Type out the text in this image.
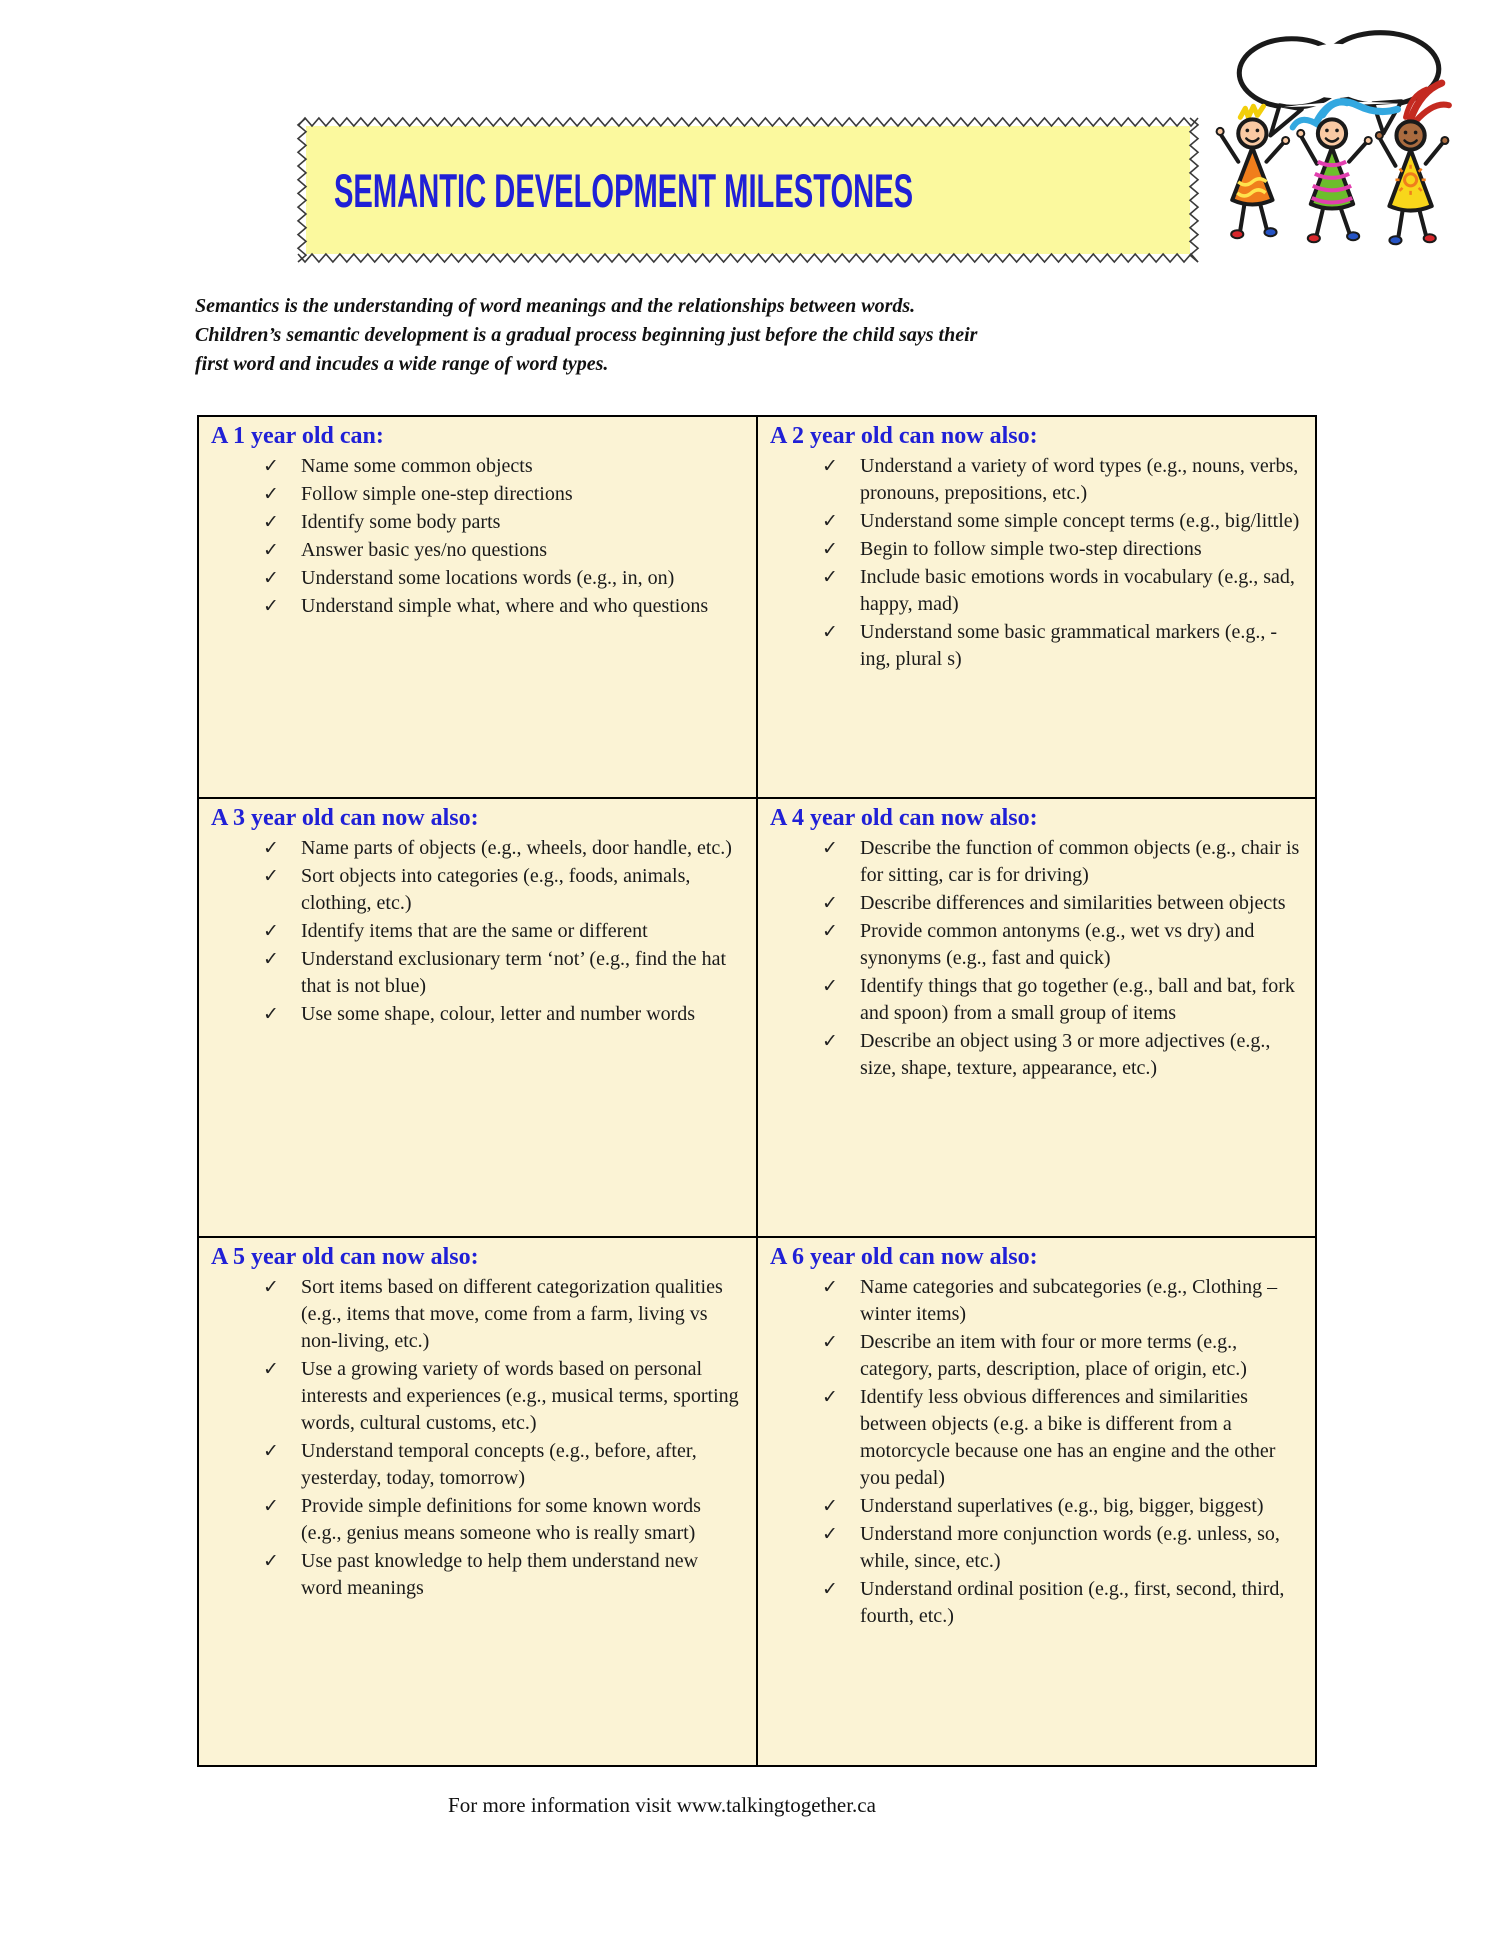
SEMANTIC DEVELOPMENT MILESTONES
Semantics is the understanding of word meanings and the relationships between words.
Children’s semantic development is a gradual process beginning just before the child says their
first word and incudes a wide range of word types.
A 1 year old can:
✓ Name some common objects
✓ Follow simple one-step directions
✓ Identify some body parts
✓ Answer basic yes/no questions
✓ Understand some locations words (e.g., in, on)
✓ Understand simple what, where and who questions

A 2 year old can now also:
✓ Understand a variety of word types (e.g., nouns, verbs, pronouns, prepositions, etc.)
✓ Understand some simple concept terms (e.g., big/little)
✓ Begin to follow simple two-step directions
✓ Include basic emotions words in vocabulary (e.g., sad, happy, mad)
✓ Understand some basic grammatical markers (e.g., -ing, plural s)

A 3 year old can now also:
✓ Name parts of objects (e.g., wheels, door handle, etc.)
✓ Sort objects into categories (e.g., foods, animals, clothing, etc.)
✓ Identify items that are the same or different
✓ Understand exclusionary term ‘not’ (e.g., find the hat that is not blue)
✓ Use some shape, colour, letter and number words

A 4 year old can now also:
✓ Describe the function of common objects (e.g., chair is for sitting, car is for driving)
✓ Describe differences and similarities between objects
✓ Provide common antonyms (e.g., wet vs dry) and synonyms (e.g., fast and quick)
✓ Identify things that go together (e.g., ball and bat, fork and spoon) from a small group of items
✓ Describe an object using 3 or more adjectives (e.g., size, shape, texture, appearance, etc.)

A 5 year old can now also:
✓ Sort items based on different categorization qualities (e.g., items that move, come from a farm, living vs non-living, etc.)
✓ Use a growing variety of words based on personal interests and experiences (e.g., musical terms, sporting words, cultural customs, etc.)
✓ Understand temporal concepts (e.g., before, after, yesterday, today, tomorrow)
✓ Provide simple definitions for some known words (e.g., genius means someone who is really smart)
✓ Use past knowledge to help them understand new word meanings

A 6 year old can now also:
✓ Name categories and subcategories (e.g., Clothing – winter items)
✓ Describe an item with four or more terms (e.g., category, parts, description, place of origin, etc.)
✓ Identify less obvious differences and similarities between objects (e.g. a bike is different from a motorcycle because one has an engine and the other you pedal)
✓ Understand superlatives (e.g., big, bigger, biggest)
✓ Understand more conjunction words (e.g. unless, so, while, since, etc.)
✓ Understand ordinal position (e.g., first, second, third, fourth, etc.)
For more information visit www.talkingtogether.ca
